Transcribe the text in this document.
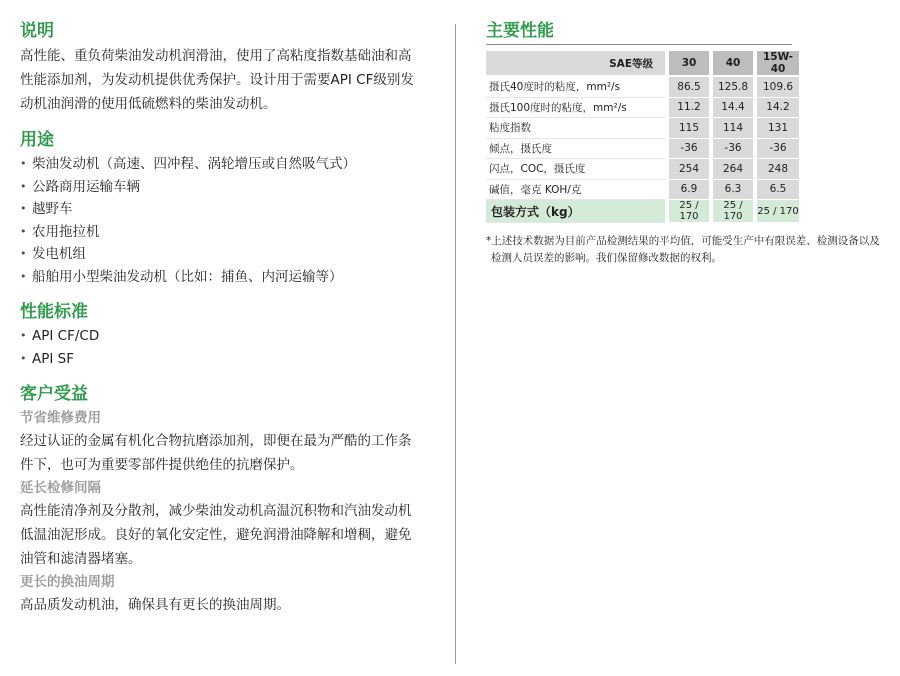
说明

高性能、重负荷柴油发动机润滑油，使用了高粘度指数基础油和高

性能添加剂，为发动机提供优秀保护。设计用于需要API CF级别发

动机油润滑的使用低硫燃料的柴油发动机。

用途
• 柴油发动机（高速、四冲程、涡轮增压或自然吸气式）
• 公路商用运输车辆
• 越野车
• 农用拖拉机
• 发电机组
• 船舶用小型柴油发动机（比如：捕鱼、内河运输等）
性能标准
• API CF/CD
• API SF
客户受益
节省维修费用

经过认证的金属有机化合物抗磨添加剂，即便在最为严酷的工作条

件下，也可为重要零部件提供绝佳的抗磨保护。

延长检修间隔

高性能清净剂及分散剂，减少柴油发动机高温沉积物和汽油发动机

低温油泥形成。良好的氧化安定性，避免润滑油降解和增稠，避免

油管和滤清器堵塞。

更长的换油周期

高品质发动机油，确保具有更长的换油周期。

主要性能
SAE等级		30		40		15W-40
摄氏40度时的粘度，mm²/s		86.5		125.8		109.6
摄氏100度时的粘度，mm²/s		11.2		14.4		14.2
粘度指数		115		114		131
倾点，摄氏度		-36		-36		-36
闪点，COC，摄氏度		254		264		248
碱值，毫克 KOH/克		6.9		6.3		6.5
包装方式（kg）		25 / 170		25 / 170		25 / 170
*上述技术数据为目前产品检测结果的平均值，可能受生产中有限误差、检测设备以及
检测人员误差的影响。我们保留修改数据的权利。
